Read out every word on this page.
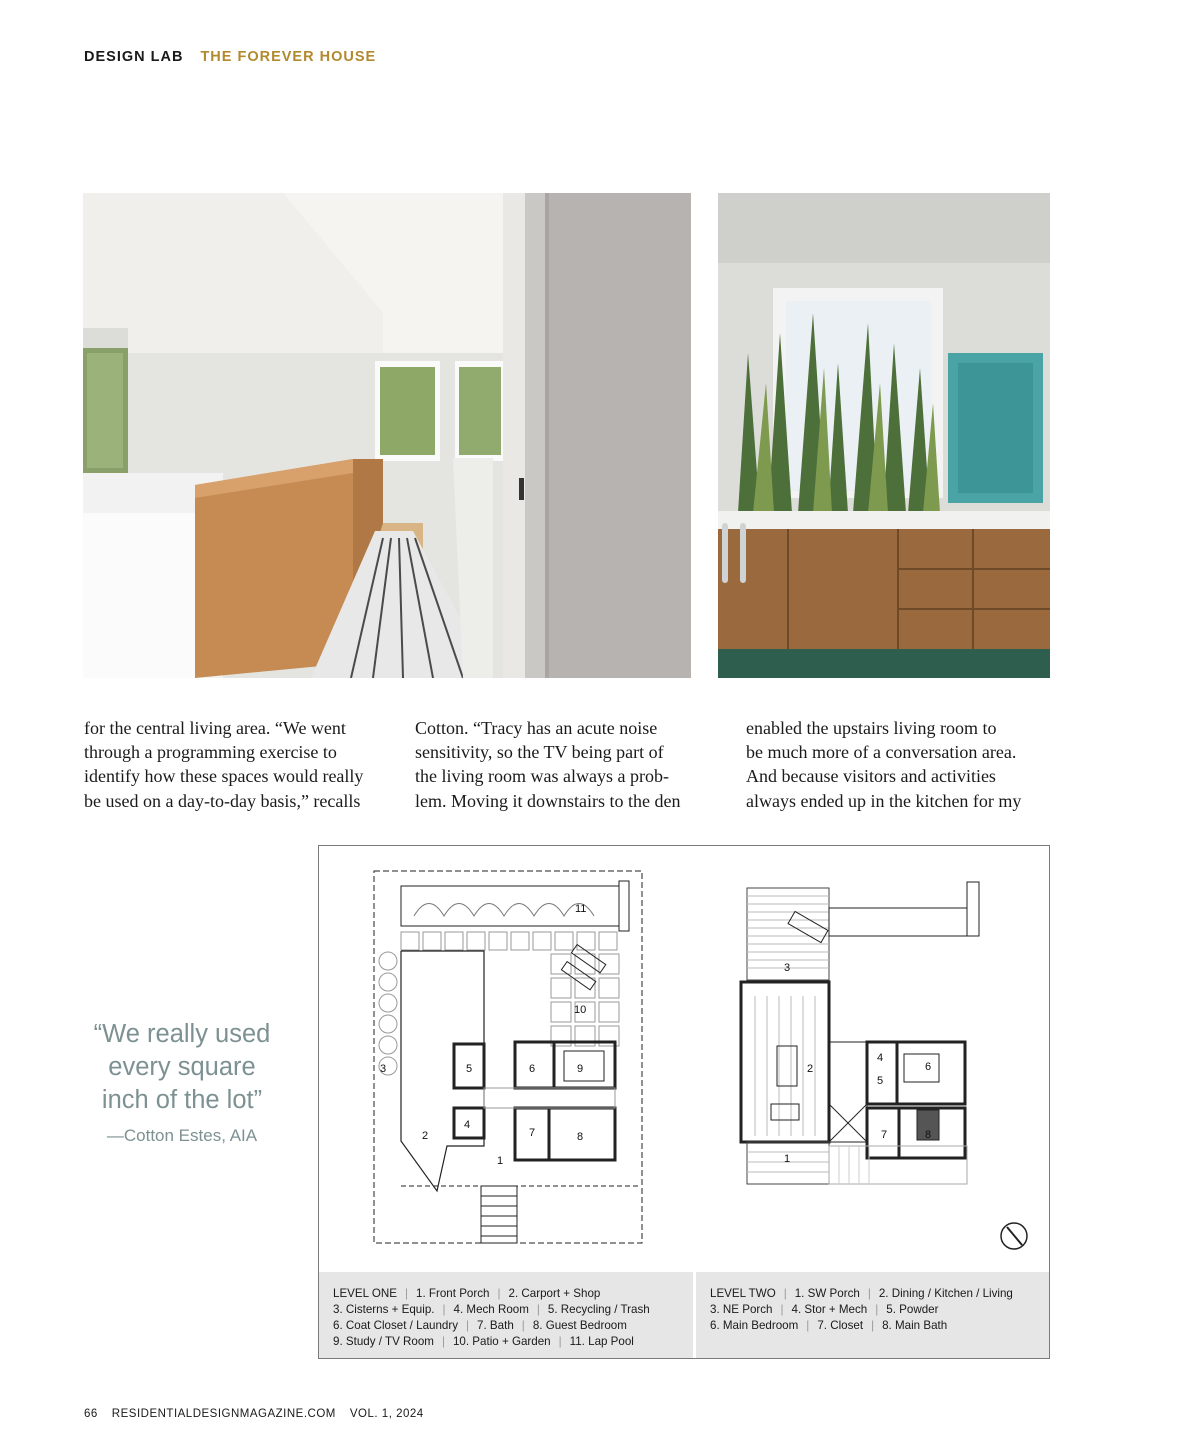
DESIGN LAB THE FOREVER HOUSE

for the central living area. “We went

through a programming exercise to

identify how these spaces would really

be used on a day-to-day basis,” recalls

Cotton. “Tracy has an acute noise

sensitivity, so the TV being part of

the living room was always a prob-

lem. Moving it downstairs to the den

enabled the upstairs living room to

be much more of a conversation area.

And because visitors and activities

always ended up in the kitchen for my

“We really used
every square
inch of the lot”
—Cotton Estes, AIA
1
2
3
4
5	6
7	8
9
10
11
1
2
3
4
5
6
7	8
LEVEL ONE | 1. Front Porch | 2. Carport + Shop
3. Cisterns + Equip. | 4. Mech Room | 5. Recycling / Trash
6. Coat Closet / Laundry | 7. Bath | 8. Guest Bedroom
9. Study / TV Room | 10. Patio + Garden | 11. Lap Pool
LEVEL TWO | 1. SW Porch | 2. Dining / Kitchen / Living
3. NE Porch | 4. Stor + Mech | 5. Powder
6. Main Bedroom | 7. Closet | 8. Main Bath
66 RESIDENTIALDESIGNMAGAZINE.COM VOL. 1, 2024
